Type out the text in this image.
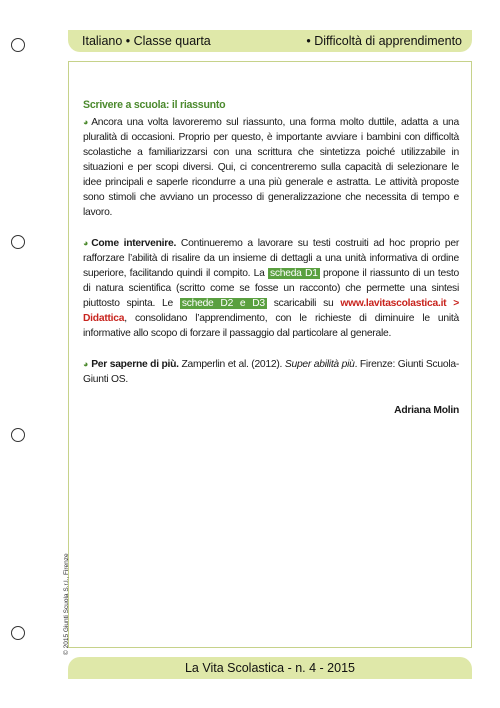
Italiano • Classe quarta	• Difficoltà di apprendimento
Scrivere a scuola: il riassunto

◕ Ancora una volta lavoreremo sul riassunto, una forma molto duttile, adatta a una pluralità di occasioni. Proprio per questo, è importante avviare i bambini con difficoltà scolastiche a familiarizzarsi con una scrittura che sintetizza poiché utilizzabile in situazioni e per scopi diversi. Qui, ci concentreremo sulla capacità di selezionare le idee principali e saperle ricondurre a una più generale e astratta. Le attività proposte sono stimoli che avviano un processo di generalizzazione che necessita di tempo e lavoro.

◕ Come intervenire. Continueremo a lavorare su testi costruiti ad hoc proprio per rafforzare l’abilità di risalire da un insieme di dettagli a una unità informativa di ordine superiore, facilitando quindi il compito. La scheda D1 propone il riassunto di un testo di natura scientifica (scritto come se fosse un racconto) che permette una sintesi piuttosto spinta. Le schede D2 e D3 scaricabili su www.lavitascolastica.it > Didattica, consolidano l’apprendimento, con le richieste di diminuire le unità informative allo scopo di forzare il passaggio dal particolare al generale.

◕ Per saperne di più. Zamperlin et al. (2012). Super abilità più. Firenze: Giunti Scuola-Giunti OS.

Adriana Molin
© 2015 Giunti Scuola S.r.l., Firenze
La Vita Scolastica - n. 4 - 2015
